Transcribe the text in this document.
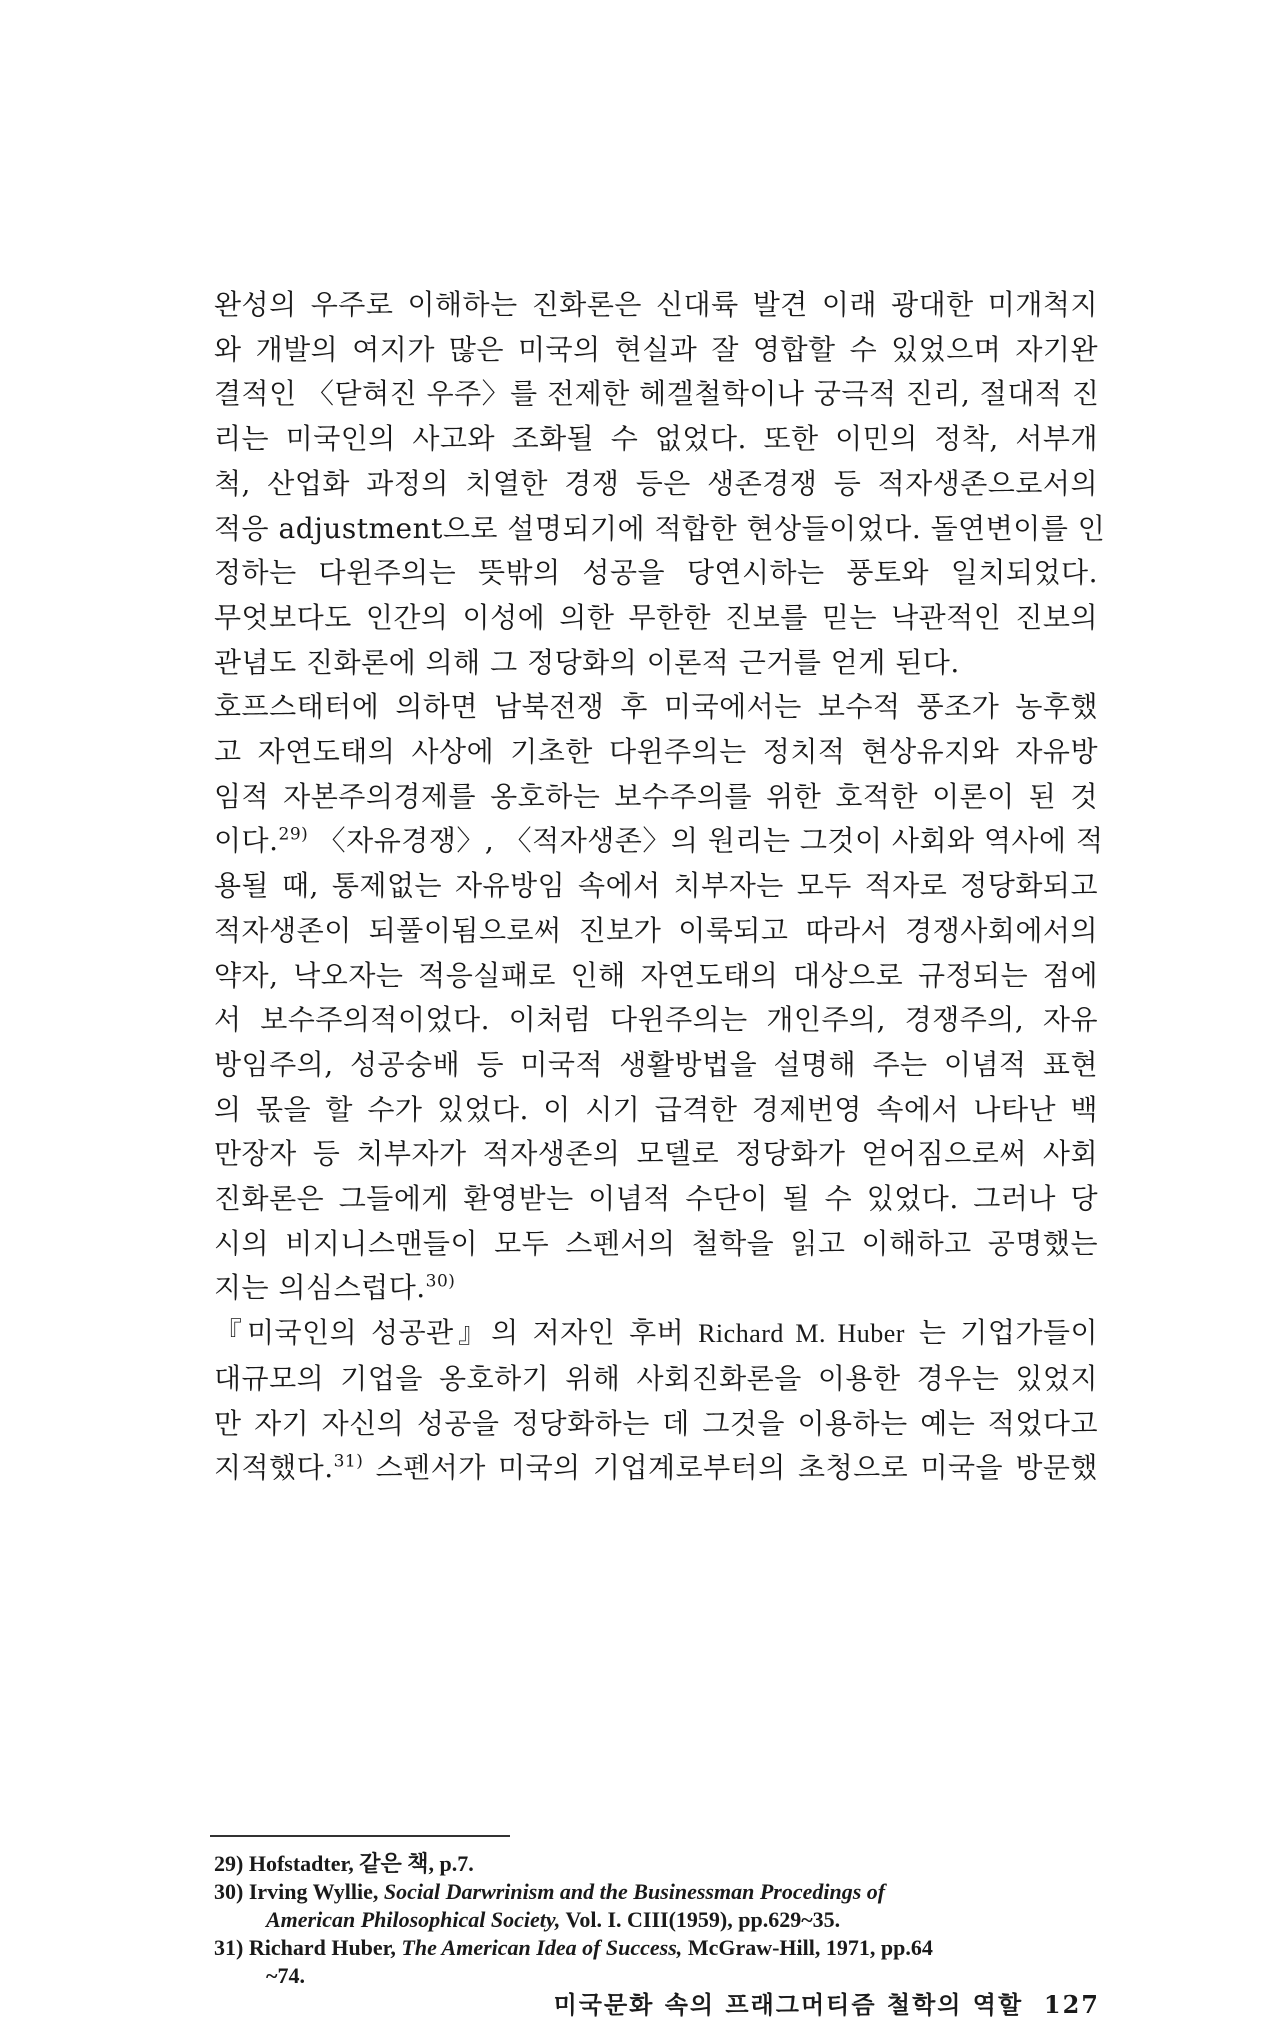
완성의 우주로 이해하는 진화론은 신대륙 발견 이래 광대한 미개척지
와 개발의 여지가 많은 미국의 현실과 잘 영합할 수 있었으며 자기완
결적인 〈닫혀진 우주〉를 전제한 헤겔철학이나 궁극적 진리, 절대적 진
리는 미국인의 사고와 조화될 수 없었다. 또한 이민의 정착, 서부개
척, 산업화 과정의 치열한 경쟁 등은 생존경쟁 등 적자생존으로서의
적응 adjustment으로 설명되기에 적합한 현상들이었다. 돌연변이를 인
정하는 다윈주의는 뜻밖의 성공을 당연시하는 풍토와 일치되었다.
무엇보다도 인간의 이성에 의한 무한한 진보를 믿는 낙관적인 진보의
관념도 진화론에 의해 그 정당화의 이론적 근거를 얻게 된다.
호프스태터에 의하면 남북전쟁 후 미국에서는 보수적 풍조가 농후했
고 자연도태의 사상에 기초한 다윈주의는 정치적 현상유지와 자유방
임적 자본주의경제를 옹호하는 보수주의를 위한 호적한 이론이 된 것
이다.$^{29)}$ 〈자유경쟁〉, 〈적자생존〉의 원리는 그것이 사회와 역사에 적
용될 때, 통제없는 자유방임 속에서 치부자는 모두 적자로 정당화되고
적자생존이 되풀이됨으로써 진보가 이룩되고 따라서 경쟁사회에서의
약자, 낙오자는 적응실패로 인해 자연도태의 대상으로 규정되는 점에
서 보수주의적이었다. 이처럼 다윈주의는 개인주의, 경쟁주의, 자유
방임주의, 성공숭배 등 미국적 생활방법을 설명해 주는 이념적 표현
의 몫을 할 수가 있었다. 이 시기 급격한 경제번영 속에서 나타난 백
만장자 등 치부자가 적자생존의 모델로 정당화가 얻어짐으로써 사회
진화론은 그들에게 환영받는 이념적 수단이 될 수 있었다. 그러나 당
시의 비지니스맨들이 모두 스펜서의 철학을 읽고 이해하고 공명했는
지는 의심스럽다.$^{30)}$
『미국인의 성공관』의 저자인 후버 Richard M. Huber 는 기업가들이
대규모의 기업을 옹호하기 위해 사회진화론을 이용한 경우는 있었지
만 자기 자신의 성공을 정당화하는 데 그것을 이용하는 예는 적었다고
지적했다.$^{31)}$ 스펜서가 미국의 기업계로부터의 초청으로 미국을 방문했
29) Hofstadter, 같은 책, p.7.
30) Irving Wyllie, Social Darwrinism and the Businessman Procedings of
American Philosophical Society, Vol. I. CIII(1959), pp.629~35.
31) Richard Huber, The American Idea of Success, McGraw-Hill, 1971, pp.64
~74.
미국문화 속의 프래그머티즘 철학의 역할 127
